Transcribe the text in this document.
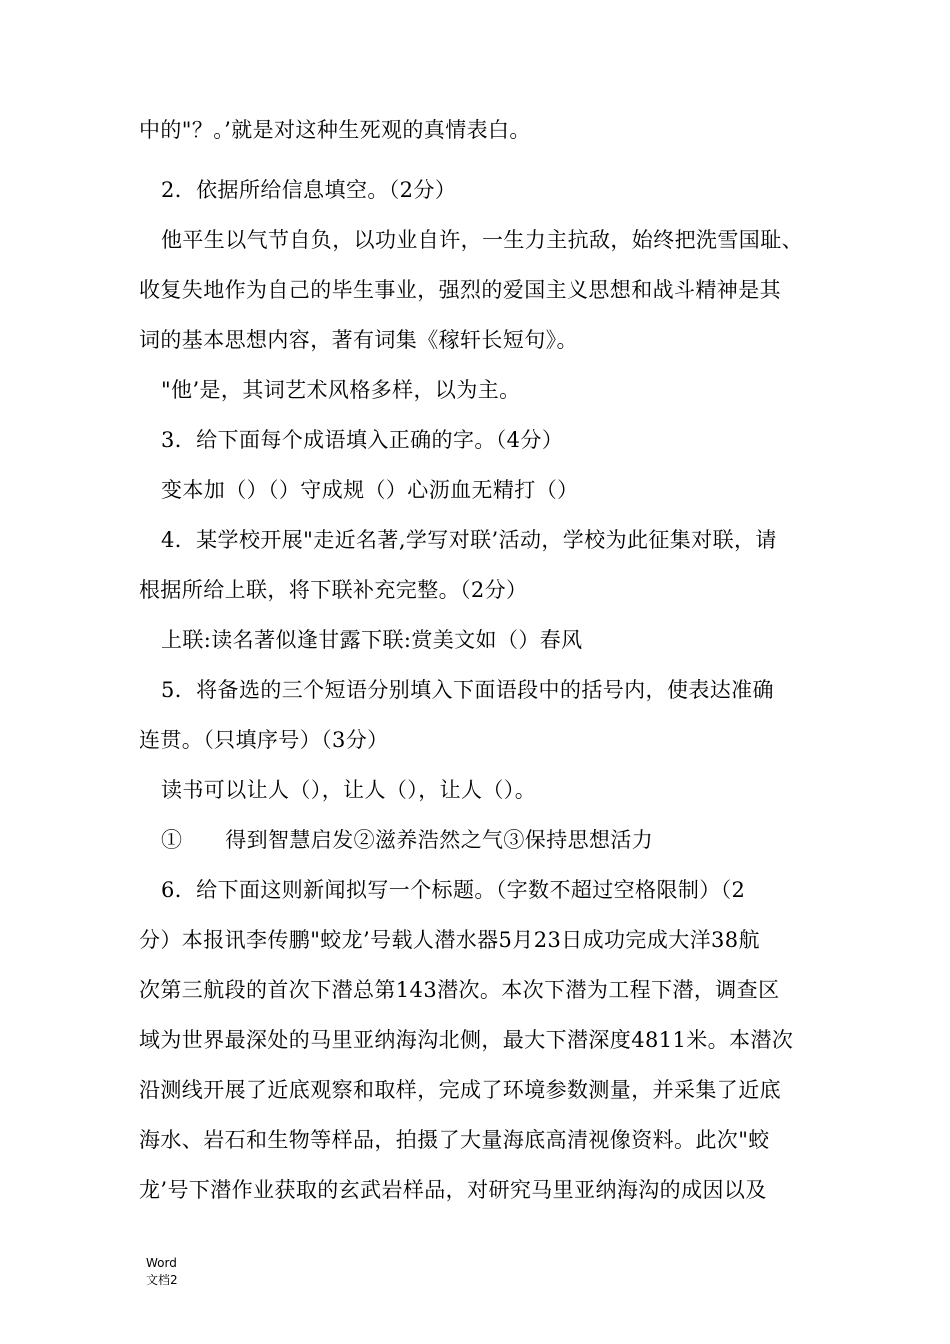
中的"？。’就是对这种生死观的真情表白。
2．依据所给信息填空。（2分）
他平生以气节自负，以功业自许，一生力主抗敌，始终把洗雪国耻、
收复失地作为自己的毕生事业，强烈的爱国主义思想和战斗精神是其
词的基本思想内容，著有词集《稼轩长短句》。
"他’是，其词艺术风格多样，以为主。
3．给下面每个成语填入正确的字。（4分）
变本加（）（）守成规（）心沥血无精打（）
4．某学校开展"走近名著,学写对联’活动，学校为此征集对联，请
根据所给上联，将下联补充完整。（2分）
上联:读名著似逢甘露下联:赏美文如（）春风
5．将备选的三个短语分别填入下面语段中的括号内，使表达准确
连贯。（只填序号）（3分）
读书可以让人（），让人（），让人（）。
①　　得到智慧启发②滋养浩然之气③保持思想活力
6．给下面这则新闻拟写一个标题。（字数不超过空格限制）（2
分）本报讯李传鹏"蛟龙’号载人潜水器5月23日成功完成大洋38航
次第三航段的首次下潜总第143潜次。本次下潜为工程下潜，调查区
域为世界最深处的马里亚纳海沟北侧，最大下潜深度4811米。本潜次
沿测线开展了近底观察和取样，完成了环境参数测量，并采集了近底
海水、岩石和生物等样品，拍摄了大量海底高清视像资料。此次"蛟
龙’号下潜作业获取的玄武岩样品，对研究马里亚纳海沟的成因以及
Word
文档2
